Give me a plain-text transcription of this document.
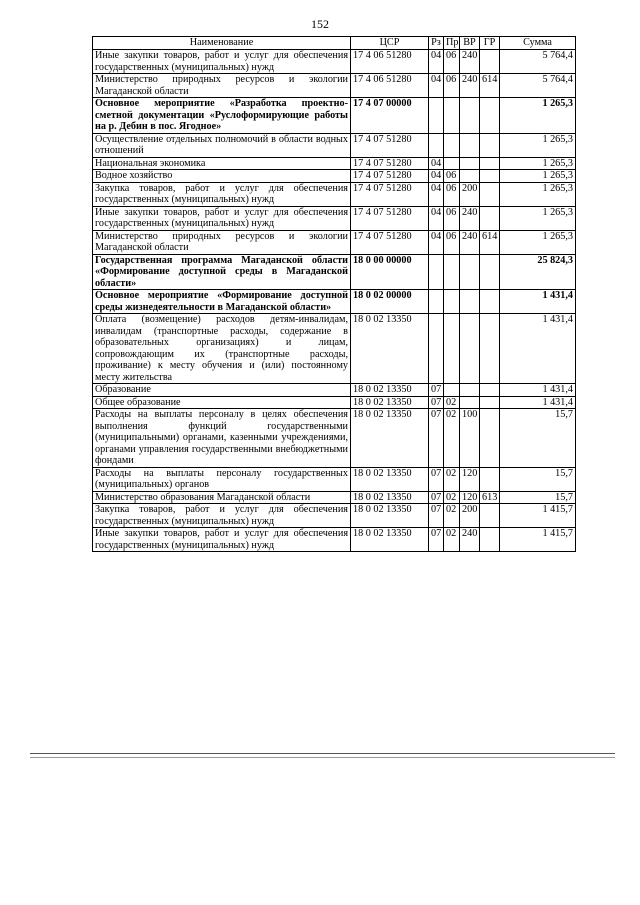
152
Наименование	ЦСР	Рз	Пр	ВР	ГР	Сумма
Иные закупки товаров, работ и услуг для обеспечения государственных (муниципальных) нужд	17 4 06 51280	04	06	240		5 764,4
Министерство природных ресурсов и экологии Магаданской области	17 4 06 51280	04	06	240	614	5 764,4
Основное мероприятие «Разработка проектно-сметной документации «Руслоформирующие работы на р. Дебин в пос. Ягодное»	17 4 07 00000					1 265,3
Осуществление отдельных полномочий в области водных отношений	17 4 07 51280					1 265,3
Национальная экономика	17 4 07 51280	04				1 265,3
Водное хозяйство	17 4 07 51280	04	06			1 265,3
Закупка товаров, работ и услуг для обеспечения государственных (муниципальных) нужд	17 4 07 51280	04	06	200		1 265,3
Иные закупки товаров, работ и услуг для обеспечения государственных (муниципальных) нужд	17 4 07 51280	04	06	240		1 265,3
Министерство природных ресурсов и экологии Магаданской области	17 4 07 51280	04	06	240	614	1 265,3
Государственная программа Магаданской области «Формирование доступной среды в Магаданской области»	18 0 00 00000					25 824,3
Основное мероприятие «Формирование доступной среды жизнедеятельности в Магаданской области»	18 0 02 00000					1 431,4
Оплата (возмещение) расходов детям-инвалидам, инвалидам (транспортные расходы, содержание в образовательных организациях) и лицам, сопровождающим их (транспортные расходы, проживание) к месту обучения и (или) постоянному месту жительства	18 0 02 13350					1 431,4
Образование	18 0 02 13350	07				1 431,4
Общее образование	18 0 02 13350	07	02			1 431,4
Расходы на выплаты персоналу в целях обеспечения выполнения функций государственными (муниципальными) органами, казенными учреждениями, органами управления государственными внебюджетными фондами	18 0 02 13350	07	02	100		15,7
Расходы на выплаты персоналу государственных (муниципальных) органов	18 0 02 13350	07	02	120		15,7
Министерство образования Магаданской области	18 0 02 13350	07	02	120	613	15,7
Закупка товаров, работ и услуг для обеспечения государственных (муниципальных) нужд	18 0 02 13350	07	02	200		1 415,7
Иные закупки товаров, работ и услуг для обеспечения государственных (муниципальных) нужд	18 0 02 13350	07	02	240		1 415,7
